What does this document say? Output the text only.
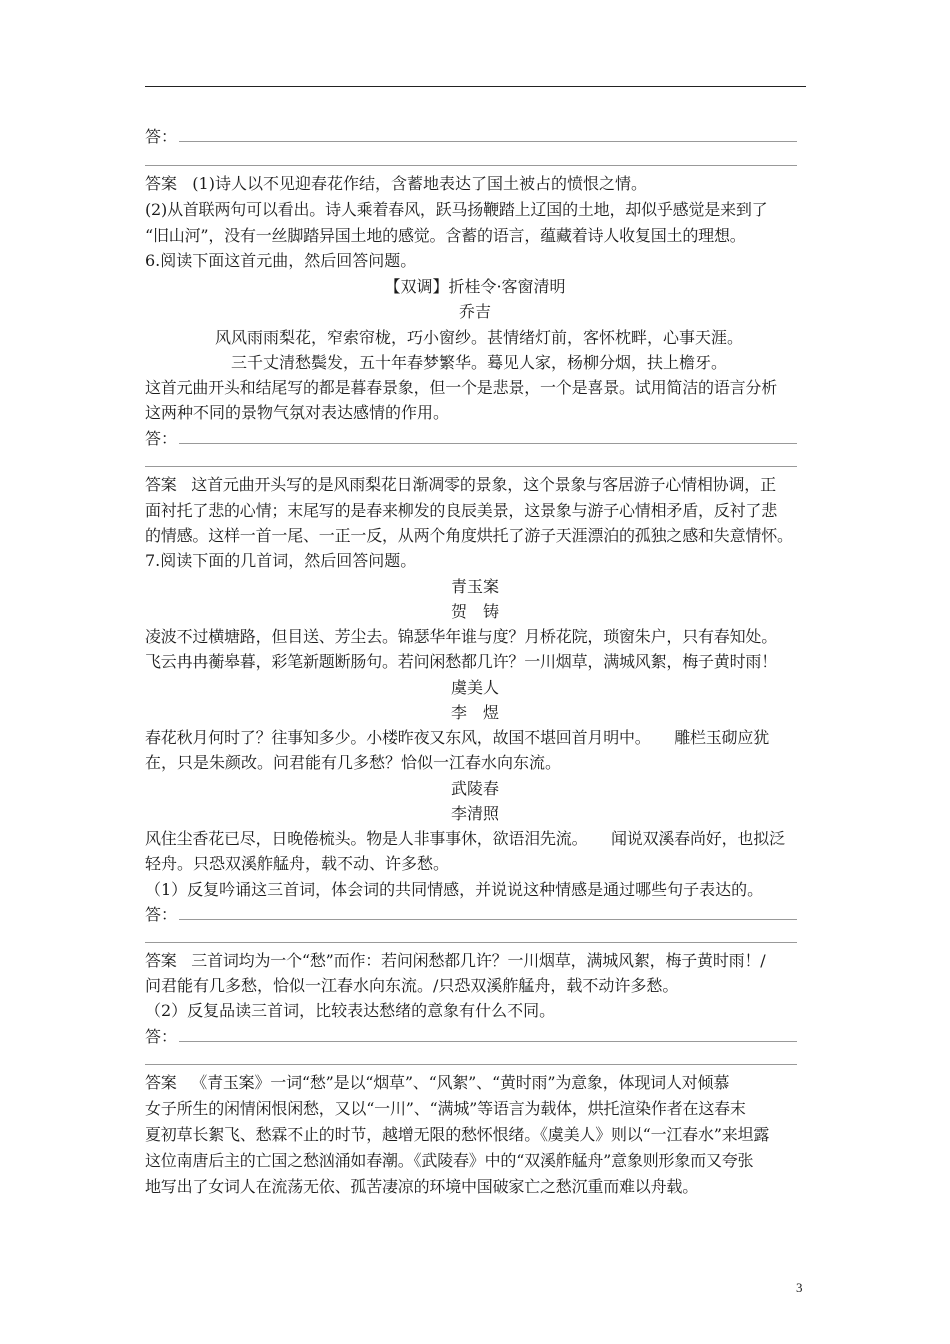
答：
答案 (1)诗人以不见迎春花作结，含蓄地表达了国土被占的愤恨之情。
(2)从首联两句可以看出。诗人乘着春风，跃马扬鞭踏上辽国的土地，却似乎感觉是来到了
“旧山河”，没有一丝脚踏异国土地的感觉。含蓄的语言，蕴藏着诗人收复国土的理想。
6.阅读下面这首元曲，然后回答问题。
【双调】折桂令·客窗清明
乔吉
风风雨雨梨花，窄索帘栊，巧小窗纱。甚情绪灯前，客怀枕畔，心事天涯。
三千丈清愁鬓发，五十年春梦繁华。蓦见人家，杨柳分烟，扶上檐牙。
这首元曲开头和结尾写的都是暮春景象，但一个是悲景，一个是喜景。试用简洁的语言分析
这两种不同的景物气氛对表达感情的作用。
答：
答案 这首元曲开头写的是风雨梨花日渐凋零的景象，这个景象与客居游子心情相协调，正
面衬托了悲的心情；末尾写的是春来柳发的良辰美景，这景象与游子心情相矛盾，反衬了悲
的情感。这样一首一尾、一正一反，从两个角度烘托了游子天涯漂泊的孤独之感和失意情怀。
7.阅读下面的几首词，然后回答问题。
青玉案
贺　铸
凌波不过横塘路，但目送、芳尘去。锦瑟华年谁与度？月桥花院，琐窗朱户，只有春知处。
飞云冉冉蘅皋暮，彩笔新题断肠句。若问闲愁都几许？一川烟草，满城风絮，梅子黄时雨！
虞美人
李　煜
春花秋月何时了？往事知多少。小楼昨夜又东风，故国不堪回首月明中。　　雕栏玉砌应犹
在，只是朱颜改。问君能有几多愁？恰似一江春水向东流。
武陵春
李清照
风住尘香花已尽，日晚倦梳头。物是人非事事休，欲语泪先流。　　闻说双溪春尚好，也拟泛
轻舟。只恐双溪舴艋舟，载不动、许多愁。
（1）反复吟诵这三首词，体会词的共同情感，并说说这种情感是通过哪些句子表达的。
答：
答案 三首词均为一个“愁”而作：若问闲愁都几许？一川烟草，满城风絮，梅子黄时雨！/
问君能有几多愁，恰似一江春水向东流。/只恐双溪舴艋舟，载不动许多愁。
（2）反复品读三首词，比较表达愁绪的意象有什么不同。
答：
答案 《青玉案》一词“愁”是以“烟草”、“风絮”、“黄时雨”为意象，体现词人对倾慕
女子所生的闲情闲恨闲愁，又以“一川”、“满城”等语言为载体，烘托渲染作者在这春末
夏初草长絮飞、愁霖不止的时节，越增无限的愁怀恨绪。《虞美人》则以“一江春水”来坦露
这位南唐后主的亡国之愁汹涌如春潮。《武陵春》中的“双溪舴艋舟”意象则形象而又夸张
地写出了女词人在流荡无依、孤苦凄凉的环境中国破家亡之愁沉重而难以舟载。
3
